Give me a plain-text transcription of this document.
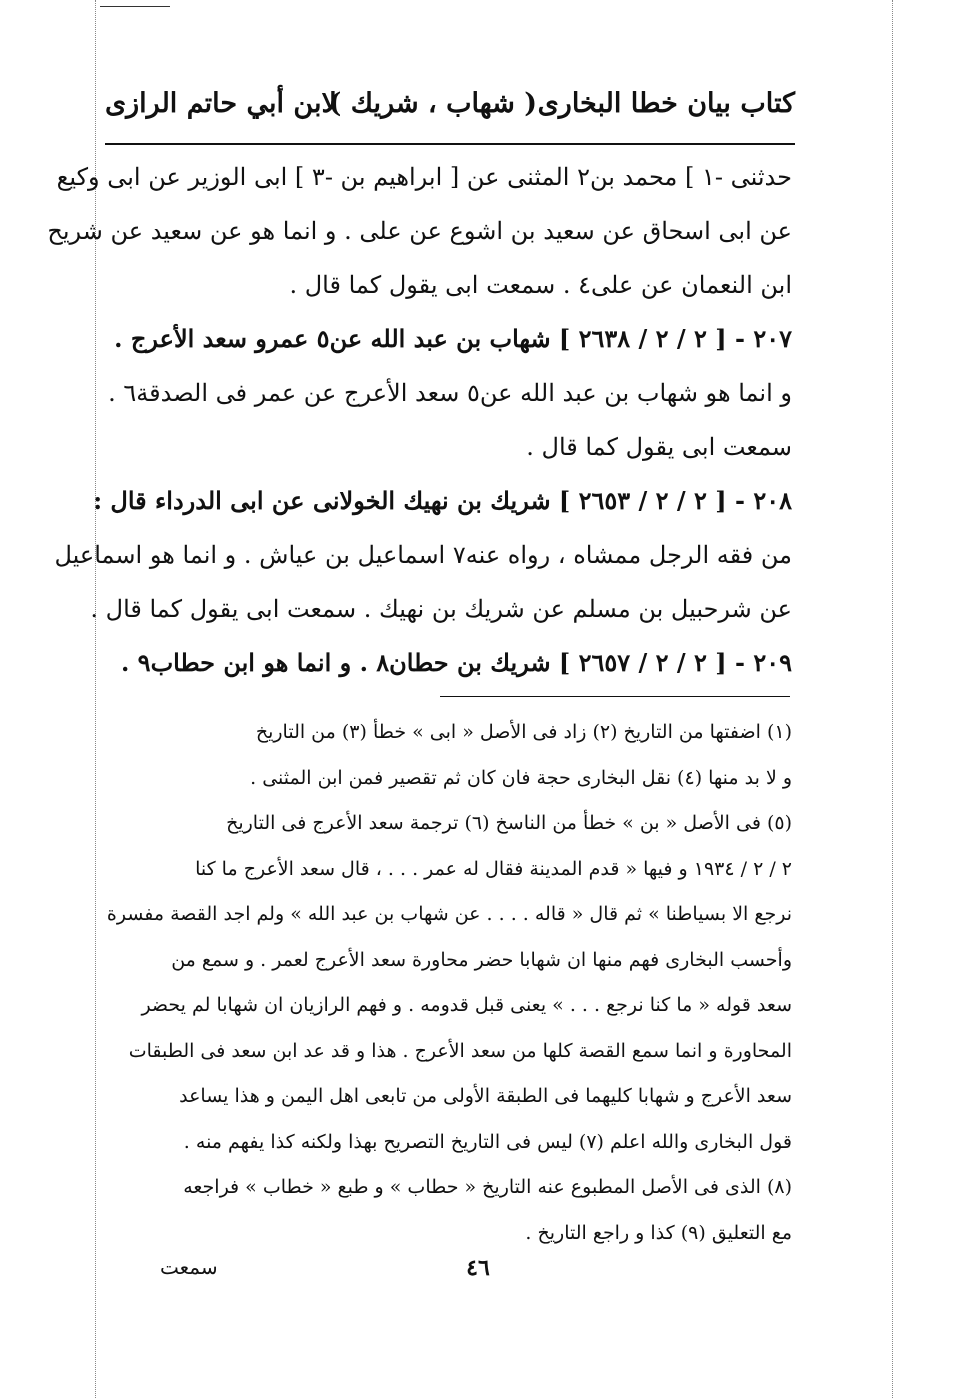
كتاب بيان خطا البخارى
( شهاب ، شريك )
لابن أبي حاتم الرازى
حدثنى -١ ] محمد بن٢ المثنى عن [ ابراهيم بن -٣ ] ابى الوزير عن ابى وكيع
عن ابى اسحاق عن سعيد بن اشوع عن على . و انما هو عن سعيد عن شريح
ابن النعمان عن على٤ . سمعت ابى يقول كما قال .
٢٠٧ - [ ٢ / ٢ / ٢٦٣٨ ] شهاب بن عبد الله عن٥ عمرو سعد الأعرج .
و انما هو شهاب بن عبد الله عن٥ سعد الأعرج عن عمر فى الصدقة٦ .
سمعت ابى يقول كما قال .
٢٠٨ - [ ٢ / ٢ / ٢٦٥٣ ] شريك بن نهيك الخولانى عن ابى الدرداء قال :
من فقه الرجل ممشاه ، رواه عنه٧ اسماعيل بن عياش . و انما هو اسماعيل
عن شرحبيل بن مسلم عن شريك بن نهيك . سمعت ابى يقول كما قال .
٢٠٩ - [ ٢ / ٢ / ٢٦٥٧ ] شريك بن حطان٨ . و انما هو ابن حطاب٩ .
(١) اضفتها من التاريخ (٢) زاد فى الأصل « ابى » خطأ (٣) من التاريخ
و لا بد منها (٤) نقل البخارى حجة فان كان ثم تقصير فمن ابن المثنى .
(٥) فى الأصل « بن » خطأ من الناسخ (٦) ترجمة سعد الأعرج فى التاريخ
٢ / ٢ / ١٩٣٤ و فيها « قدم المدينة فقال له عمر . . . ، قال سعد الأعرج ما كنا
نرجع الا بسياطنا » ثم قال « قاله . . . . عن شهاب بن عبد الله » ولم اجد القصة مفسرة
وأحسب البخارى فهم منها ان شهابا حضر محاورة سعد الأعرج لعمر . و سمع من
سعد قوله « ما كنا نرجع . . . » يعنى قبل قدومه . و فهم الرازيان ان شهابا لم يحضر
المحاورة و انما سمع القصة كلها من سعد الأعرج . هذا و قد عد ابن سعد فى الطبقات
سعد الأعرج و شهابا كليهما فى الطبقة الأولى من تابعى اهل اليمن و هذا يساعد
قول البخارى والله اعلم (٧) ليس فى التاريخ التصريح بهذا ولكنه كذا يفهم منه .
(٨) الذى فى الأصل المطبوع عنه التاريخ « حطاب » و طبع « خطاب » فراجعه
مع التعليق (٩) كذا و راجع التاريخ .
٤٦
سمعت
